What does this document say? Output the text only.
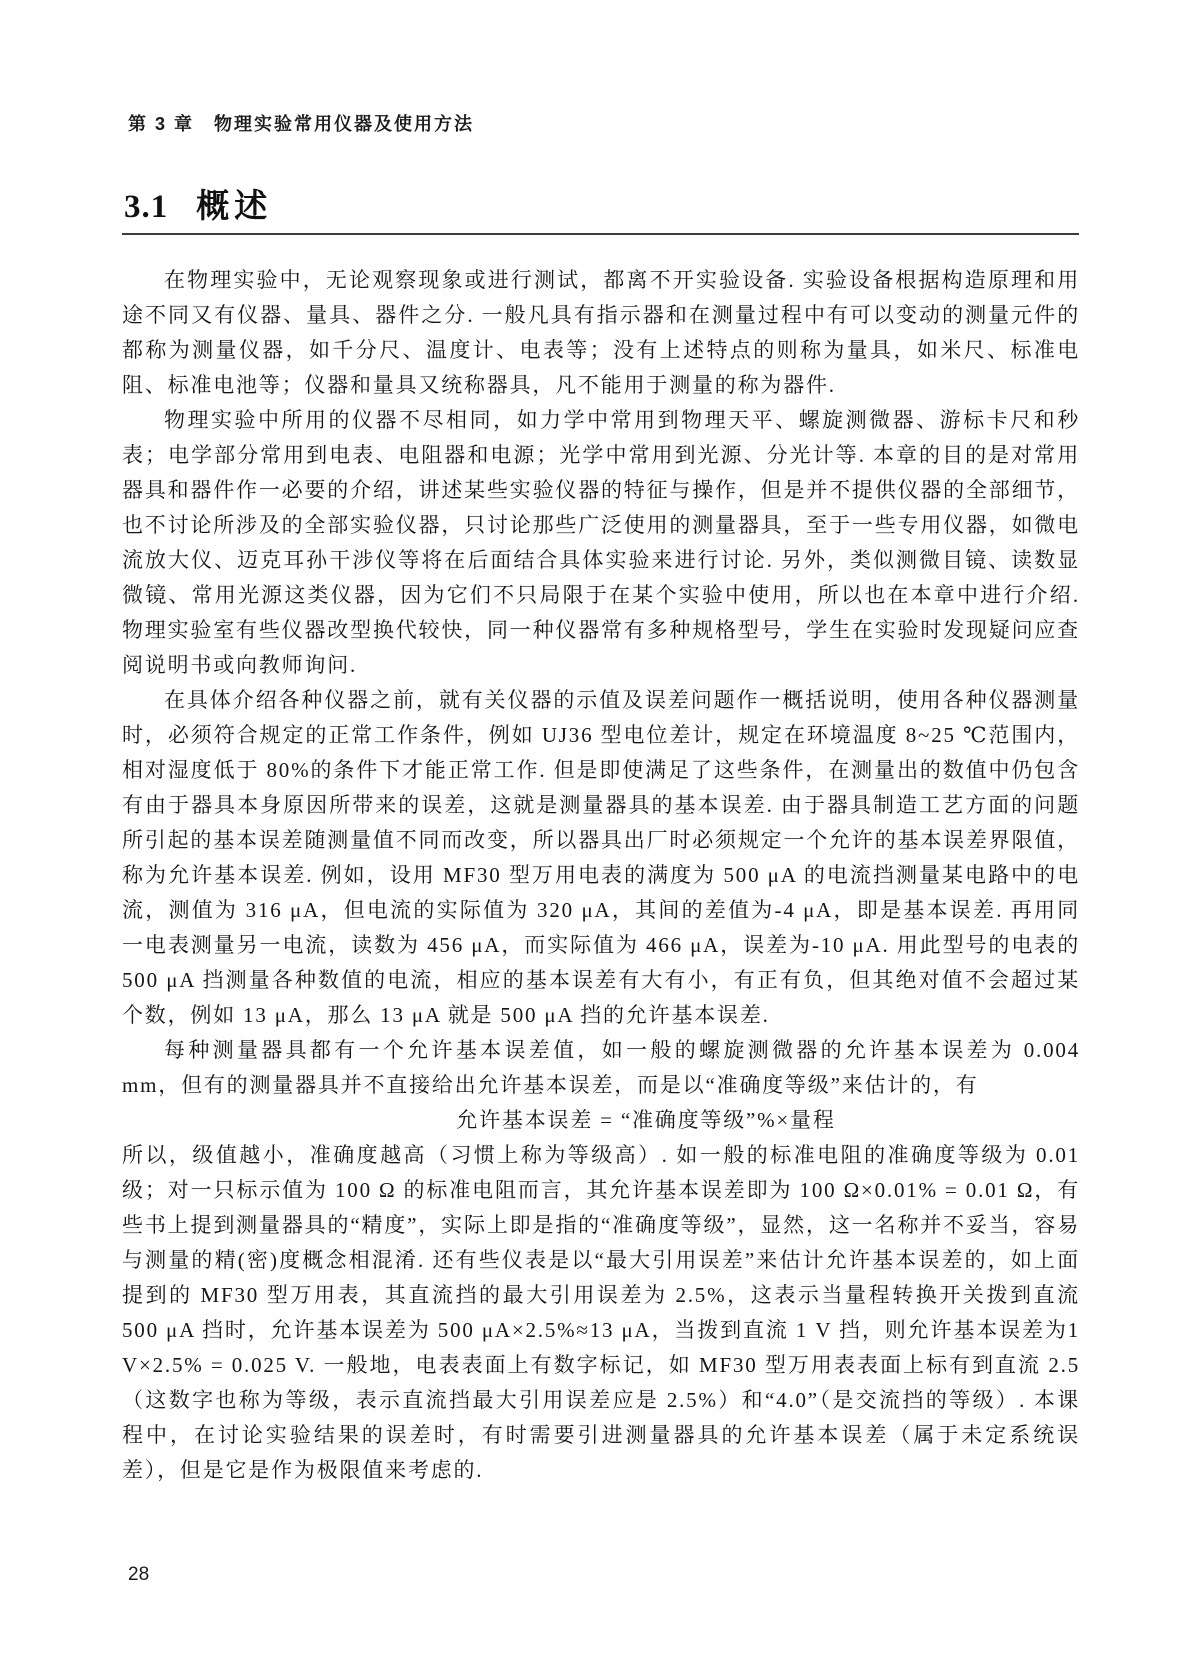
第 3 章　物理实验常用仪器及使用方法
3.1 概述

在物理实验中，无论观察现象或进行测试，都离不开实验设备. 实验设备根据构造原理和用途不同又有仪器、量具、器件之分. 一般凡具有指示器和在测量过程中有可以变动的测量元件的都称为测量仪器，如千分尺、温度计、电表等；没有上述特点的则称为量具，如米尺、标准电阻、标准电池等；仪器和量具又统称器具，凡不能用于测量的称为器件.

物理实验中所用的仪器不尽相同，如力学中常用到物理天平、螺旋测微器、游标卡尺和秒表；电学部分常用到电表、电阻器和电源；光学中常用到光源、分光计等. 本章的目的是对常用器具和器件作一必要的介绍，讲述某些实验仪器的特征与操作，但是并不提供仪器的全部细节，也不讨论所涉及的全部实验仪器，只讨论那些广泛使用的测量器具，至于一些专用仪器，如微电流放大仪、迈克耳孙干涉仪等将在后面结合具体实验来进行讨论. 另外，类似测微目镜、读数显微镜、常用光源这类仪器，因为它们不只局限于在某个实验中使用，所以也在本章中进行介绍. 物理实验室有些仪器改型换代较快，同一种仪器常有多种规格型号，学生在实验时发现疑问应查阅说明书或向教师询问.

在具体介绍各种仪器之前，就有关仪器的示值及误差问题作一概括说明，使用各种仪器测量时，必须符合规定的正常工作条件，例如 UJ36 型电位差计，规定在环境温度 8~25 ℃范围内，相对湿度低于 80%的条件下才能正常工作. 但是即使满足了这些条件，在测量出的数值中仍包含有由于器具本身原因所带来的误差，这就是测量器具的基本误差. 由于器具制造工艺方面的问题所引起的基本误差随测量值不同而改变，所以器具出厂时必须规定一个允许的基本误差界限值，称为允许基本误差. 例如，设用 MF30 型万用电表的满度为 500 μA 的电流挡测量某电路中的电流，测值为 316 μA，但电流的实际值为 320 μA，其间的差值为-4 μA，即是基本误差. 再用同一电表测量另一电流，读数为 456 μA，而实际值为 466 μA，误差为-10 μA. 用此型号的电表的 500 μA 挡测量各种数值的电流，相应的基本误差有大有小，有正有负，但其绝对值不会超过某个数，例如 13 μA，那么 13 μA 就是 500 μA 挡的允许基本误差.

每种测量器具都有一个允许基本误差值，如一般的螺旋测微器的允许基本误差为 0.004 mm，但有的测量器具并不直接给出允许基本误差，而是以“准确度等级”来估计的，有

允许基本误差 = “准确度等级”%×量程

所以，级值越小，准确度越高（习惯上称为等级高）. 如一般的标准电阻的准确度等级为 0.01 级；对一只标示值为 100 Ω 的标准电阻而言，其允许基本误差即为 100 Ω×0.01% = 0.01 Ω，有些书上提到测量器具的“精度”，实际上即是指的“准确度等级”，显然，这一名称并不妥当，容易与测量的精(密)度概念相混淆. 还有些仪表是以“最大引用误差”来估计允许基本误差的，如上面提到的 MF30 型万用表，其直流挡的最大引用误差为 2.5%，这表示当量程转换开关拨到直流 500 μA 挡时，允许基本误差为 500 μA×2.5%≈13 μA，当拨到直流 1 V 挡，则允许基本误差为1 V×2.5% = 0.025 V. 一般地，电表表面上有数字标记，如 MF30 型万用表表面上标有到直流 2.5（这数字也称为等级，表示直流挡最大引用误差应是 2.5%）和“4.0”（是交流挡的等级）. 本课程中，在讨论实验结果的误差时，有时需要引进测量器具的允许基本误差（属于未定系统误差），但是它是作为极限值来考虑的.

28
